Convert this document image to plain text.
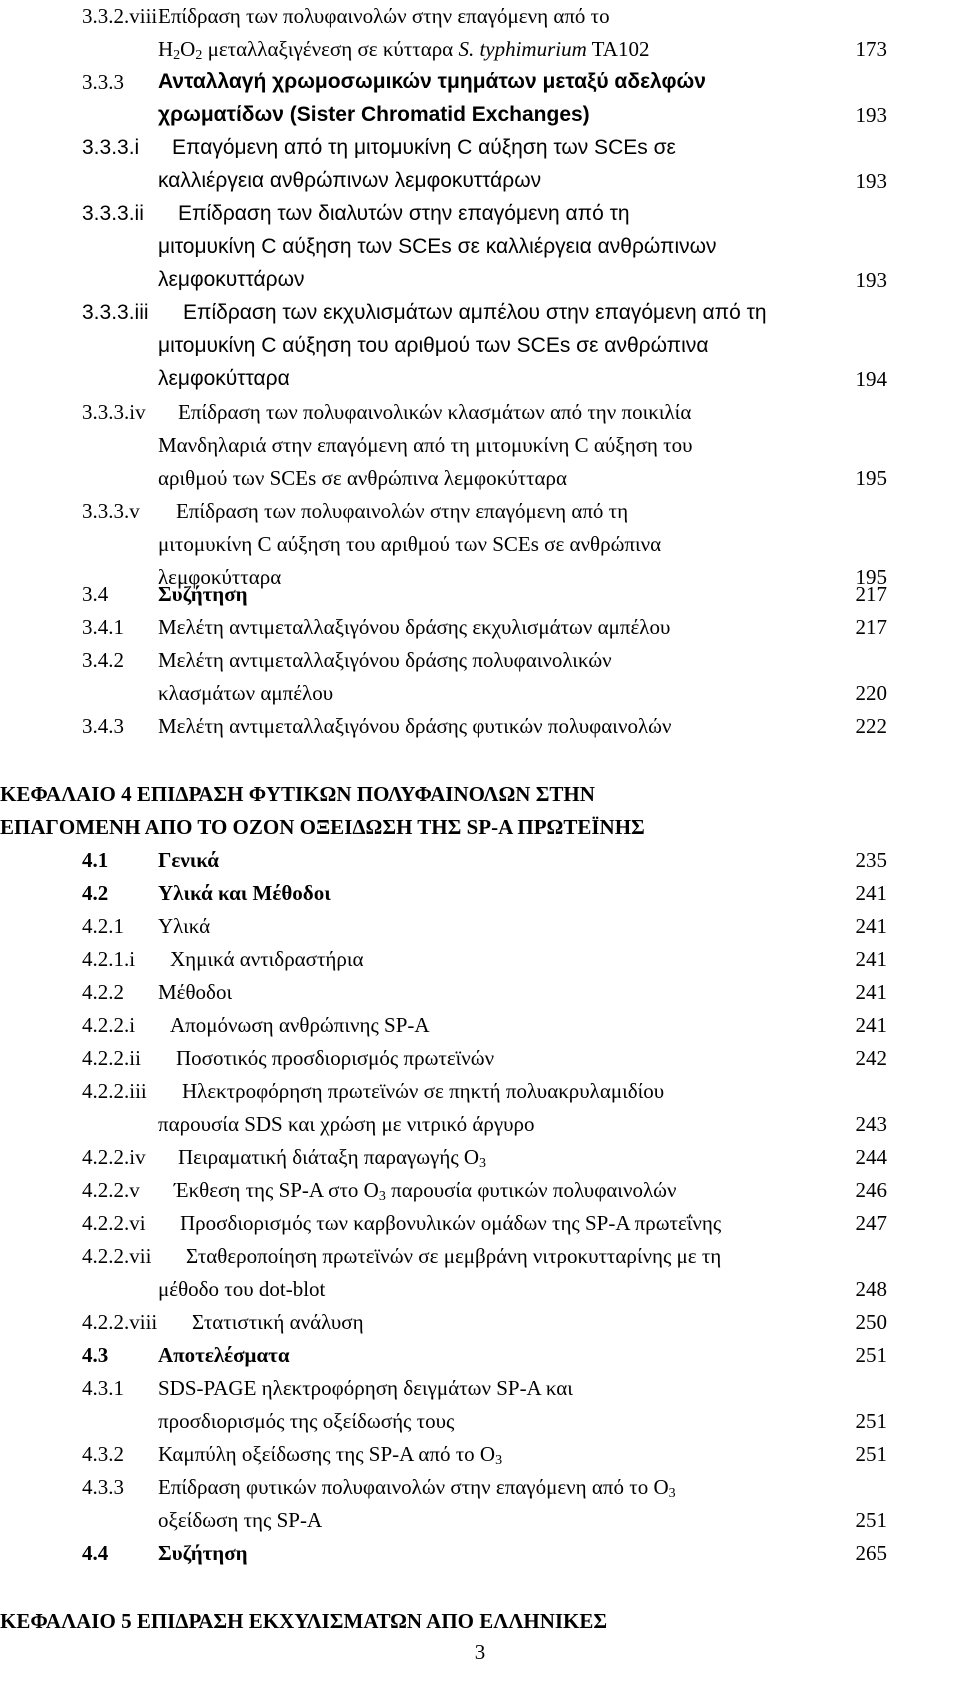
3.3.2.viii Επίδραση των πολυφαινολών στην επαγόμενη από το
$H_2O_2$ μεταλλαξιγένεση σε κύτταρα S. typhimurium TA102	173
3.3.3 Ανταλλαγή χρωμοσωμικών τμημάτων μεταξύ αδελφών
χρωματίδων (Sister Chromatid Exchanges)	193
3.3.3.i Επαγόμενη από τη μιτομυκίνη C αύξηση των SCEs σε
καλλιέργεια ανθρώπινων λεμφοκυττάρων	193
3.3.3.ii Επίδραση των διαλυτών στην επαγόμενη από τη
μιτομυκίνη C αύξηση των SCEs σε καλλιέργεια ανθρώπινων
λεμφοκυττάρων	193
3.3.3.iii Επίδραση των εκχυλισμάτων αμπέλου στην επαγόμενη από τη
μιτομυκίνη C αύξηση του αριθμού των SCEs σε ανθρώπινα
λεμφοκύτταρα	194
3.3.3.iv Επίδραση των πολυφαινολικών κλασμάτων από την ποικιλία
Μανδηλαριά στην επαγόμενη από τη μιτομυκίνη C αύξηση του
αριθμού των SCEs σε ανθρώπινα λεμφοκύτταρα	195
3.3.3.v Επίδραση των πολυφαινολών στην επαγόμενη από τη
μιτομυκίνη C αύξηση του αριθμού των SCEs σε ανθρώπινα
λεμφοκύτταρα	195
3.4 Συζήτηση	217
3.4.1 Μελέτη αντιμεταλλαξιγόνου δράσης εκχυλισμάτων αμπέλου	217
3.4.2 Μελέτη αντιμεταλλαξιγόνου δράσης πολυφαινολικών
κλασμάτων αμπέλου	220
3.4.3 Μελέτη αντιμεταλλαξιγόνου δράσης φυτικών πολυφαινολών	222
ΚΕΦΑΛΑΙΟ 4 ΕΠΙΔΡΑΣΗ ΦΥΤΙΚΩΝ ΠΟΛΥΦΑΙΝΟΛΩΝ ΣΤΗΝ
ΕΠΑΓΟΜΕΝΗ ΑΠΟ ΤΟ ΟΖΟΝ ΟΞΕΙΔΩΣΗ ΤΗΣ SP-A ΠΡΩΤΕΪΝΗΣ
4.1 Γενικά	235
4.2 Υλικά και Μέθοδοι	241
4.2.1 Υλικά	241
4.2.1.i Χημικά αντιδραστήρια	241
4.2.2 Μέθοδοι	241
4.2.2.i Απομόνωση ανθρώπινης SP-A	241
4.2.2.ii Ποσοτικός προσδιορισμός πρωτεϊνών	242
4.2.2.iii Ηλεκτροφόρηση πρωτεϊνών σε πηκτή πολυακρυλαμιδίου
παρουσία SDS και χρώση με νιτρικό άργυρο	243
4.2.2.iv Πειραματική διάταξη παραγωγής $O_3$	244
4.2.2.v Έκθεση της SP-A στο $O_3$ παρουσία φυτικών πολυφαινολών	246
4.2.2.vi Προσδιορισμός των καρβονυλικών ομάδων της SP-A πρωτεΐνης	247
4.2.2.vii Σταθεροποίηση πρωτεϊνών σε μεμβράνη νιτροκυτταρίνης με τη
μέθοδο του dot-blot	248
4.2.2.viii Στατιστική ανάλυση	250
4.3 Αποτελέσματα	251
4.3.1 SDS-PAGE ηλεκτροφόρηση δειγμάτων SP-A και
προσδιορισμός της οξείδωσής τους	251
4.3.2 Καμπύλη οξείδωσης της SP-A από το $O_3$	251
4.3.3 Επίδραση φυτικών πολυφαινολών στην επαγόμενη από το $O_3$
οξείδωση της SP-A	251
4.4 Συζήτηση	265
ΚΕΦΑΛΑΙΟ 5 ΕΠΙΔΡΑΣΗ ΕΚΧΥΛΙΣΜΑΤΩΝ ΑΠΟ ΕΛΛΗΝΙΚΕΣ
3
